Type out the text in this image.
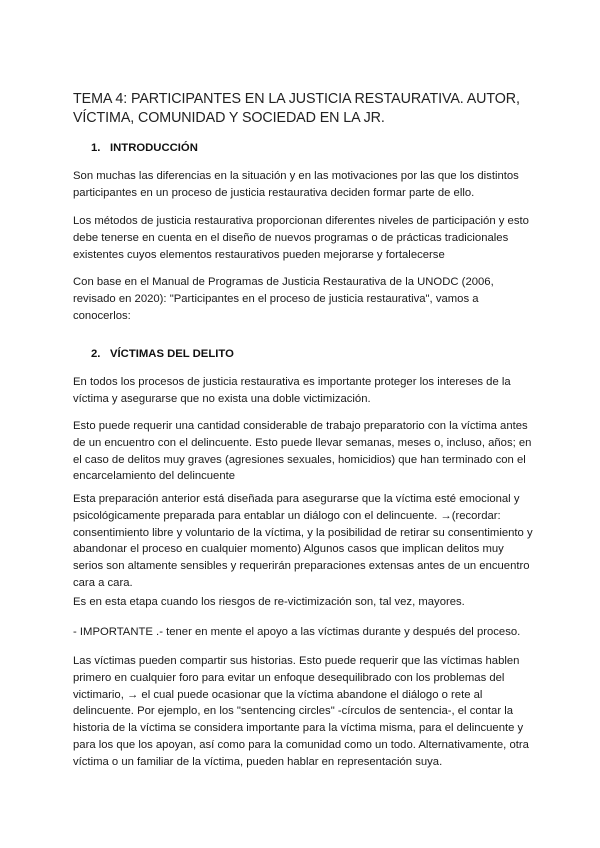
TEMA 4: PARTICIPANTES EN LA JUSTICIA RESTAURATIVA. AUTOR,
VÍCTIMA, COMUNIDAD Y SOCIEDAD EN LA JR.
1. INTRODUCCIÓN
Son muchas las diferencias en la situación y en las motivaciones por las que los distintos
participantes en un proceso de justicia restaurativa deciden formar parte de ello.
Los métodos de justicia restaurativa proporcionan diferentes niveles de participación y esto
debe tenerse en cuenta en el diseño de nuevos programas o de prácticas tradicionales
existentes cuyos elementos restaurativos pueden mejorarse y fortalecerse
Con base en el Manual de Programas de Justicia Restaurativa de la UNODC (2006,
revisado en 2020): "Participantes en el proceso de justicia restaurativa", vamos a
conocerlos:
2. VÍCTIMAS DEL DELITO
En todos los procesos de justicia restaurativa es importante proteger los intereses de la
víctima y asegurarse que no exista una doble victimización.
Esto puede requerir una cantidad considerable de trabajo preparatorio con la víctima antes
de un encuentro con el delincuente. Esto puede llevar semanas, meses o, incluso, años; en
el caso de delitos muy graves (agresiones sexuales, homicidios) que han terminado con el
encarcelamiento del delincuente
Esta preparación anterior está diseñada para asegurarse que la víctima esté emocional y
psicológicamente preparada para entablar un diálogo con el delincuente. →(recordar:
consentimiento libre y voluntario de la víctima, y la posibilidad de retirar su consentimiento y
abandonar el proceso en cualquier momento) Algunos casos que implican delitos muy
serios son altamente sensibles y requerirán preparaciones extensas antes de un encuentro
cara a cara.
Es en esta etapa cuando los riesgos de re-victimización son, tal vez, mayores.
- IMPORTANTE .- tener en mente el apoyo a las víctimas durante y después del proceso.
Las víctimas pueden compartir sus historias. Esto puede requerir que las víctimas hablen
primero en cualquier foro para evitar un enfoque desequilibrado con los problemas del
victimario, → el cual puede ocasionar que la víctima abandone el diálogo o rete al
delincuente. Por ejemplo, en los "sentencing circles" -círculos de sentencia-, el contar la
historia de la víctima se considera importante para la víctima misma, para el delincuente y
para los que los apoyan, así como para la comunidad como un todo. Alternativamente, otra
víctima o un familiar de la víctima, pueden hablar en representación suya.
